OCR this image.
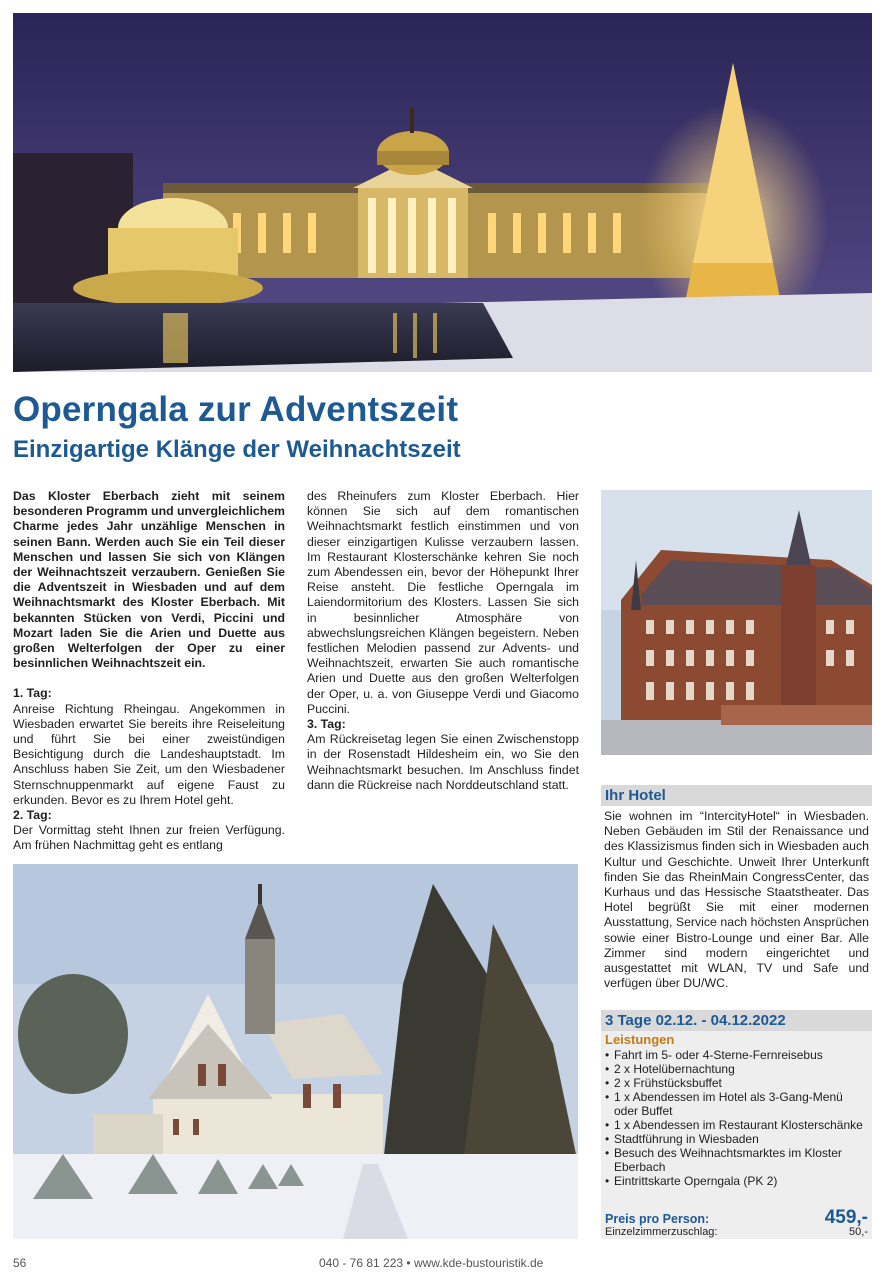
Operngala zur Adventszeit
Einzigartige Klänge der Weihnachtszeit

Das Kloster Eberbach zieht mit seinem besonderen Programm und unvergleichlichem Charme jedes Jahr unzählige Menschen in seinen Bann. Werden auch Sie ein Teil dieser Menschen und lassen Sie sich von Klängen der Weihnachtszeit verzaubern. Genießen Sie die Adventszeit in Wiesbaden und auf dem Weihnachtsmarkt des Kloster Eberbach. Mit bekannten Stücken von Verdi, Piccini und Mozart laden Sie die Arien und Duette aus großen Welterfolgen der Oper zu einer besinnlichen Weihnachtszeit ein.

1. Tag:

Anreise Richtung Rheingau. Angekommen in Wiesbaden erwartet Sie bereits ihre Reiseleitung und führt Sie bei einer zweistündigen Besichtigung durch die Landeshauptstadt. Im Anschluss haben Sie Zeit, um den Wiesbadener Sternschnuppenmarkt auf eigene Faust zu erkunden. Bevor es zu Ihrem Hotel geht.

2. Tag:

Der Vormittag steht Ihnen zur freien Verfügung. Am frühen Nachmittag geht es entlang

des Rheinufers zum Kloster Eberbach. Hier können Sie sich auf dem romantischen Weihnachtsmarkt festlich einstimmen und von dieser einzigartigen Kulisse verzaubern lassen. Im Restaurant Klosterschänke kehren Sie noch zum Abendessen ein, bevor der Höhepunkt Ihrer Reise ansteht. Die festliche Operngala im Laiendormitorium des Klosters. Lassen Sie sich in besinnlicher Atmosphäre von abwechslungsreichen Klängen begeistern. Neben festlichen Melodien passend zur Advents- und Weihnachtszeit, erwarten Sie auch romantische Arien und Duette aus den großen Welterfolgen der Oper, u. a. von Giuseppe Verdi und Giacomo Puccini.

3. Tag:

Am Rückreisetag legen Sie einen Zwischenstopp in der Rosenstadt Hildesheim ein, wo Sie den Weihnachtsmarkt besuchen. Im Anschluss findet dann die Rückreise nach Norddeutschland statt.

Ihr Hotel

Sie wohnen im “IntercityHotel“ in Wiesbaden. Neben Gebäuden im Stil der Renaissance und des Klassizismus finden sich in Wiesbaden auch Kultur und Geschichte. Unweit Ihrer Unterkunft finden Sie das RheinMain CongressCenter, das Kurhaus und das Hessische Staatstheater. Das Hotel begrüßt Sie mit einer modernen Ausstattung, Service nach höchsten Ansprüchen sowie einer Bistro-Lounge und einer Bar. Alle Zimmer sind modern eingerichtet und ausgestattet mit WLAN, TV und Safe und verfügen über DU/WC.

3 Tage 02.12. - 04.12.2022
Leistungen
• Fahrt im 5- oder 4-Sterne-Fernreisebus
• 2 x Hotelübernachtung
• 2 x Frühstücksbuffet
• 1 x Abendessen im Hotel als 3-Gang-Menü oder Buffet
• 1 x Abendessen im Restaurant Klosterschänke
• Stadtführung in Wiesbaden
• Besuch des Weihnachtsmarktes im Kloster Eberbach
• Eintrittskarte Operngala (PK 2)
Preis pro Person:	459,-
Einzelzimmerzuschlag:	50,-
56	040 - 76 81 223 • www.kde-bustouristik.de
